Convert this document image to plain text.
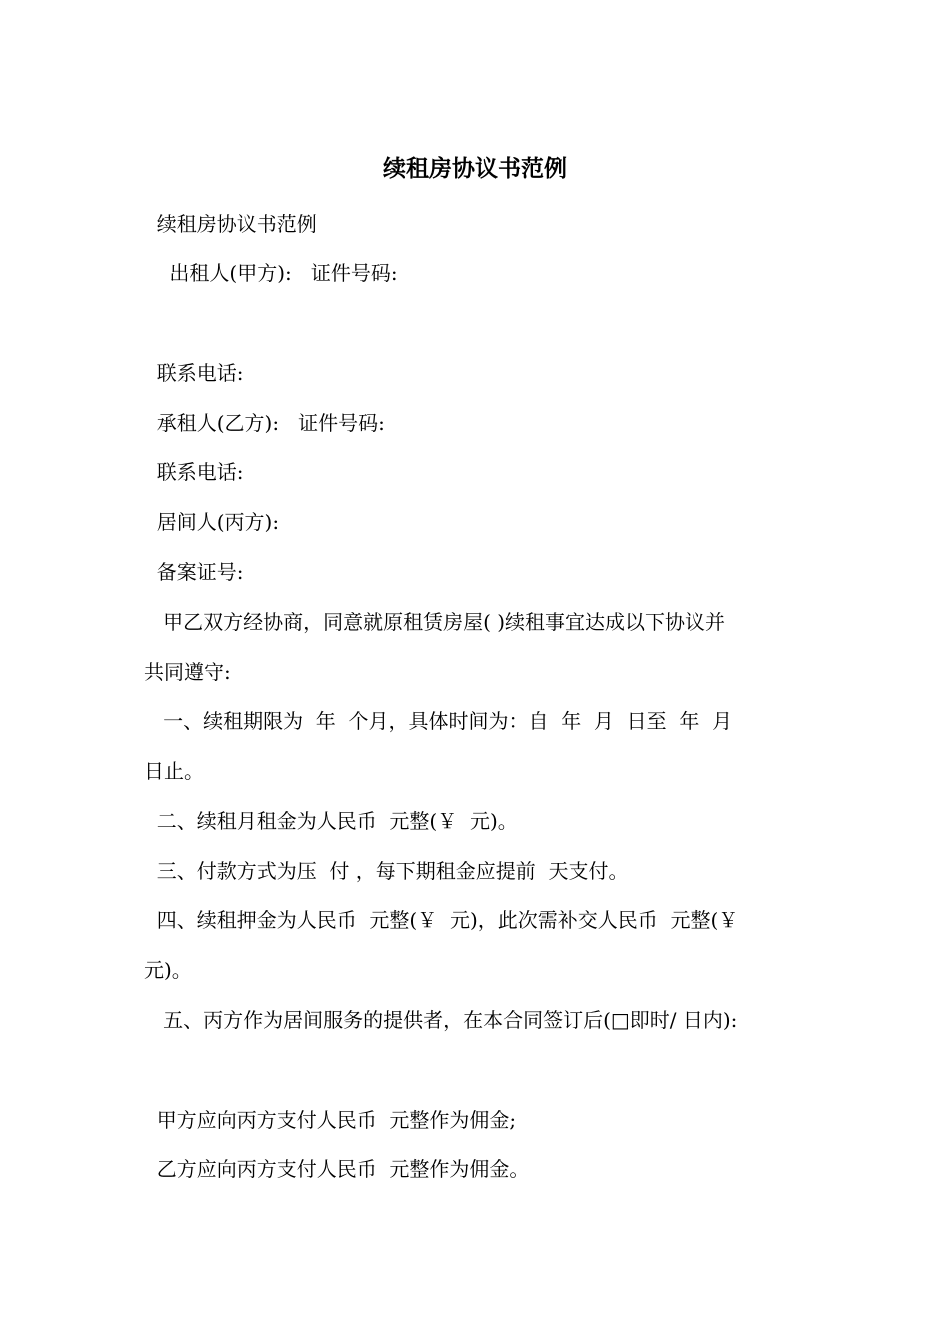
续租房协议书范例
续租房协议书范例
出租人(甲方):   证件号码:
联系电话:
承租人(乙方):   证件号码:
联系电话:
居间人(丙方):
备案证号:
甲乙双方经协商，同意就原租赁房屋( )续租事宜达成以下协议并
共同遵守:
一、续租期限为  年  个月，具体时间为：自  年  月  日至  年  月
日止。
二、续租月租金为人民币  元整(￥  元)。
三、付款方式为压  付 ，每下期租金应提前  天支付。
四、续租押金为人民币  元整(￥  元)，此次需补交人民币  元整(￥
元)。
五、丙方作为居间服务的提供者，在本合同签订后(□即时/ 日内):
甲方应向丙方支付人民币  元整作为佣金;
乙方应向丙方支付人民币  元整作为佣金。
